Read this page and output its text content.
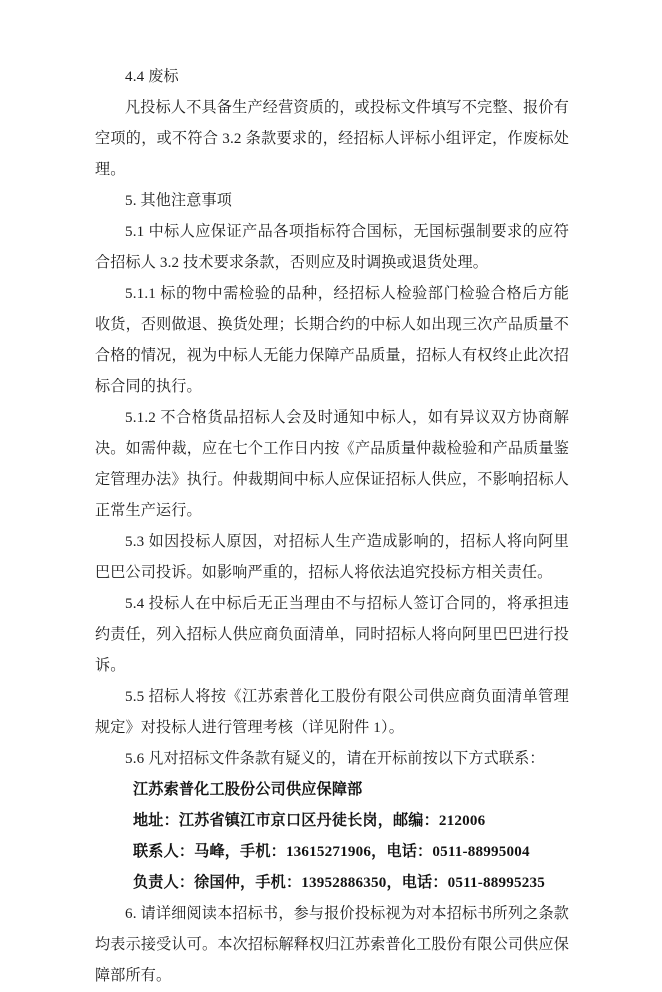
4.4 废标

凡投标人不具备生产经营资质的，或投标文件填写不完整、报价有空项的，或不符合 3.2 条款要求的，经招标人评标小组评定，作废标处理。

5. 其他注意事项

5.1 中标人应保证产品各项指标符合国标，无国标强制要求的应符合招标人 3.2 技术要求条款，否则应及时调换或退货处理。

5.1.1 标的物中需检验的品种，经招标人检验部门检验合格后方能收货，否则做退、换货处理；长期合约的中标人如出现三次产品质量不合格的情况，视为中标人无能力保障产品质量，招标人有权终止此次招标合同的执行。

5.1.2 不合格货品招标人会及时通知中标人，如有异议双方协商解决。如需仲裁，应在七个工作日内按《产品质量仲裁检验和产品质量鉴定管理办法》执行。仲裁期间中标人应保证招标人供应，不影响招标人正常生产运行。

5.3 如因投标人原因，对招标人生产造成影响的，招标人将向阿里巴巴公司投诉。如影响严重的，招标人将依法追究投标方相关责任。

5.4 投标人在中标后无正当理由不与招标人签订合同的，将承担违约责任，列入招标人供应商负面清单，同时招标人将向阿里巴巴进行投诉。

5.5 招标人将按《江苏索普化工股份有限公司供应商负面清单管理规定》对投标人进行管理考核（详见附件 1）。

5.6 凡对招标文件条款有疑义的，请在开标前按以下方式联系：

江苏索普化工股份公司供应保障部

地址：江苏省镇江市京口区丹徒长岗，邮编：212006

联系人：马峰，手机：13615271906，电话：0511-88995004

负责人：徐国仲，手机：13952886350，电话：0511-88995235

6. 请详细阅读本招标书，参与报价投标视为对本招标书所列之条款均表示接受认可。本次招标解释权归江苏索普化工股份有限公司供应保障部所有。
